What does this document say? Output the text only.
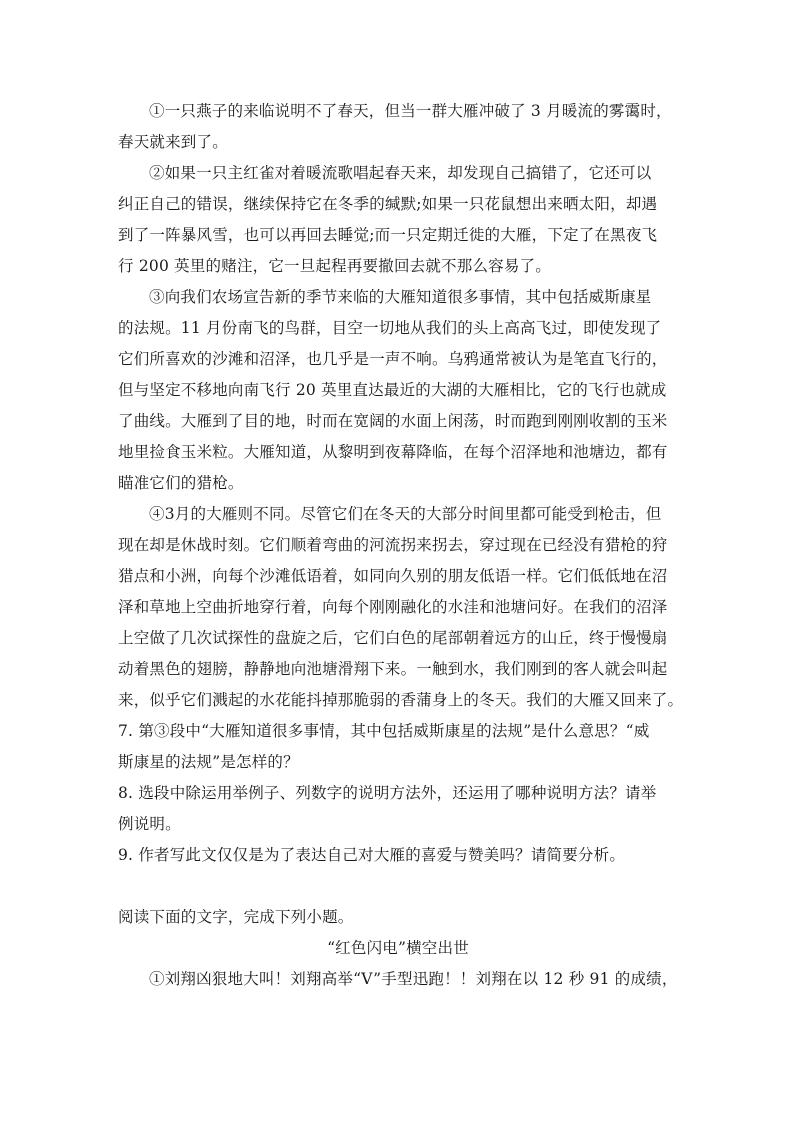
①一只燕子的来临说明不了春天，但当一群大雁冲破了 3 月暖流的雾霭时，
春天就来到了。
②如果一只主红雀对着暖流歌唱起春天来，却发现自己搞错了，它还可以
纠正自己的错误，继续保持它在冬季的缄默;如果一只花鼠想出来晒太阳，却遇
到了一阵暴风雪，也可以再回去睡觉;而一只定期迁徙的大雁，下定了在黑夜飞
行 200 英里的赌注，它一旦起程再要撤回去就不那么容易了。
③向我们农场宣告新的季节来临的大雁知道很多事情，其中包括威斯康星
的法规。11 月份南飞的鸟群，目空一切地从我们的头上高高飞过，即使发现了
它们所喜欢的沙滩和沼泽，也几乎是一声不响。乌鸦通常被认为是笔直飞行的，
但与坚定不移地向南飞行 20 英里直达最近的大湖的大雁相比，它的飞行也就成
了曲线。大雁到了目的地，时而在宽阔的水面上闲荡，时而跑到刚刚收割的玉米
地里捡食玉米粒。大雁知道，从黎明到夜幕降临，在每个沼泽地和池塘边，都有
瞄准它们的猎枪。
④3月的大雁则不同。尽管它们在冬天的大部分时间里都可能受到枪击，但
现在却是休战时刻。它们顺着弯曲的河流拐来拐去，穿过现在已经没有猎枪的狩
猎点和小洲，向每个沙滩低语着，如同向久别的朋友低语一样。它们低低地在沼
泽和草地上空曲折地穿行着，向每个刚刚融化的水洼和池塘问好。在我们的沼泽
上空做了几次试探性的盘旋之后，它们白色的尾部朝着远方的山丘，终于慢慢扇
动着黑色的翅膀，静静地向池塘滑翔下来。一触到水，我们刚到的客人就会叫起
来，似乎它们溅起的水花能抖掉那脆弱的香蒲身上的冬天。我们的大雁又回来了。
7. 第③段中“大雁知道很多事情，其中包括威斯康星的法规”是什么意思？“威
斯康星的法规”是怎样的？
8. 选段中除运用举例子、列数字的说明方法外，还运用了哪种说明方法？请举
例说明。
9. 作者写此文仅仅是为了表达自己对大雁的喜爱与赞美吗？请简要分析。
阅读下面的文字，完成下列小题。
“红色闪电”横空出世
①刘翔凶狠地大叫！刘翔高举“V”手型迅跑！！刘翔在以 12 秒 91 的成绩，
